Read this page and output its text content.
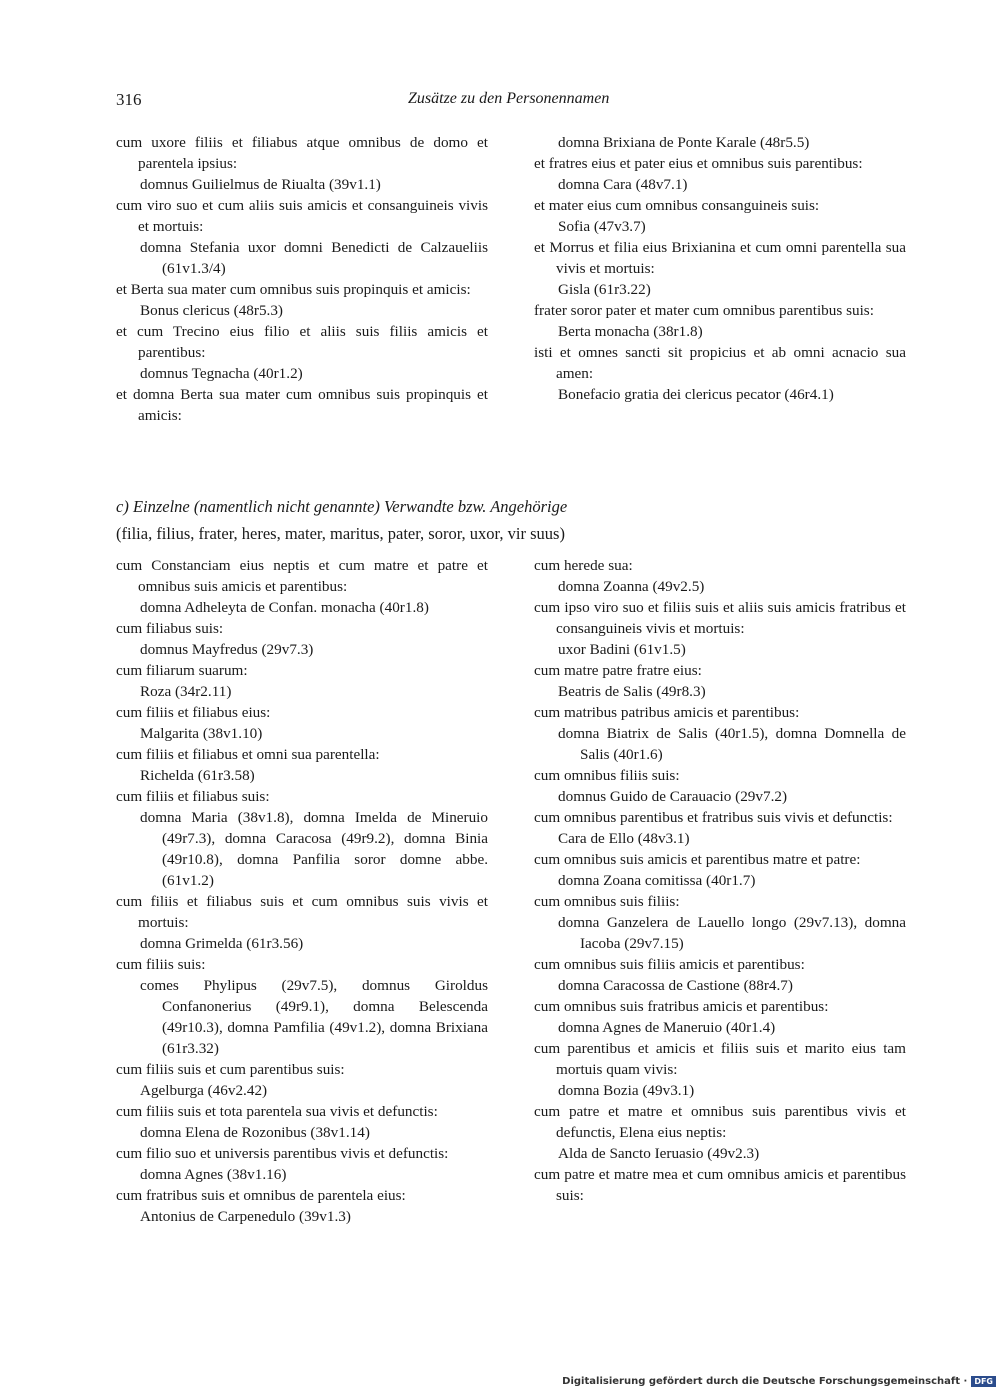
316	Zusätze zu den Personennamen

cum uxore filiis et filiabus atque omnibus de domo et parentela ipsius:

domnus Guilielmus de Riualta (39v1.1)

cum viro suo et cum aliis suis amicis et consanguineis vivis et mortuis:

domna Stefania uxor domni Benedicti de Calzaueliis (61v1.3/4)

et Berta sua mater cum omnibus suis propinquis et amicis:

Bonus clericus (48r5.3)

et cum Trecino eius filio et aliis suis filiis amicis et parentibus:

domnus Tegnacha (40r1.2)

et domna Berta sua mater cum omnibus suis propinquis et amicis:

domna Brixiana de Ponte Karale (48r5.5)

et fratres eius et pater eius et omnibus suis parentibus:

domna Cara (48v7.1)

et mater eius cum omnibus consanguineis suis:

Sofia (47v3.7)

et Morrus et filia eius Brixianina et cum omni parentella sua vivis et mortuis:

Gisla (61r3.22)

frater soror pater et mater cum omnibus parentibus suis:

Berta monacha (38r1.8)

isti et omnes sancti sit propicius et ab omni acnacio sua amen:

Bonefacio gratia dei clericus pecator (46r4.1)

c) Einzelne (namentlich nicht genannte) Verwandte bzw. Angehörige
(filia, filius, frater, heres, mater, maritus, pater, soror, uxor, vir suus)

cum Constanciam eius neptis et cum matre et patre et omnibus suis amicis et parentibus:

domna Adheleyta de Confan. monacha (40r1.8)

cum filiabus suis:

domnus Mayfredus (29v7.3)

cum filiarum suarum:

Roza (34r2.11)

cum filiis et filiabus eius:

Malgarita (38v1.10)

cum filiis et filiabus et omni sua parentella:

Richelda (61r3.58)

cum filiis et filiabus suis:

domna Maria (38v1.8), domna Imelda de Mineruio (49r7.3), domna Caracosa (49r9.2), domna Binia (49r10.8), domna Panfilia soror domne abbe. (61v1.2)

cum filiis et filiabus suis et cum omnibus suis vivis et mortuis:

domna Grimelda (61r3.56)

cum filiis suis:

comes Phylipus (29v7.5), domnus Giroldus Confanonerius (49r9.1), domna Belescenda (49r10.3), domna Pamfilia (49v1.2), domna Brixiana (61r3.32)

cum filiis suis et cum parentibus suis:

Agelburga (46v2.42)

cum filiis suis et tota parentela sua vivis et defunctis:

domna Elena de Rozonibus (38v1.14)

cum filio suo et universis parentibus vivis et defunctis:

domna Agnes (38v1.16)

cum fratribus suis et omnibus de parentela eius:

Antonius de Carpenedulo (39v1.3)

cum herede sua:

domna Zoanna (49v2.5)

cum ipso viro suo et filiis suis et aliis suis amicis fratribus et consanguineis vivis et mortuis:

uxor Badini (61v1.5)

cum matre patre fratre eius:

Beatris de Salis (49r8.3)

cum matribus patribus amicis et parentibus:

domna Biatrix de Salis (40r1.5), domna Domnella de Salis (40r1.6)

cum omnibus filiis suis:

domnus Guido de Carauacio (29v7.2)

cum omnibus parentibus et fratribus suis vivis et defunctis:

Cara de Ello (48v3.1)

cum omnibus suis amicis et parentibus matre et patre:

domna Zoana comitissa (40r1.7)

cum omnibus suis filiis:

domna Ganzelera de Lauello longo (29v7.13), domna Iacoba (29v7.15)

cum omnibus suis filiis amicis et parentibus:

domna Caracossa de Castione (88r4.7)

cum omnibus suis fratribus amicis et parentibus:

domna Agnes de Maneruio (40r1.4)

cum parentibus et amicis et filiis suis et marito eius tam mortuis quam vivis:

domna Bozia (49v3.1)

cum patre et matre et omnibus suis parentibus vivis et defunctis, Elena eius neptis:

Alda de Sancto Ieruasio (49v2.3)

cum patre et matre mea et cum omnibus amicis et parentibus suis:

Digitalisierung gefördert durch die Deutsche Forschungsgemeinschaft · DFG
